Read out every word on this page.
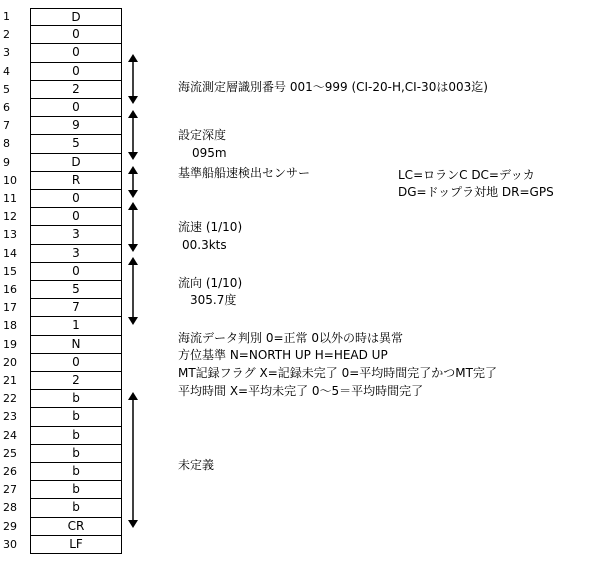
1	D
2	0
3	0
4	0
5	2
6	0
7	9
8	5
9	D
10	R
11	0
12	0
13	3
14	3
15	0
16	5
17	7
18	1
19	N
20	0
21	2
22	b
23	b
24	b
25	b
26	b
27	b
28	b
29	CR
30	LF
海流測定層識別番号 001～999 (CI-20-H,CI-30は003迄)
設定深度
095m
基準船船速検出センサー	LC=ロランC DC=デッカ
DG=ドップラ対地 DR=GPS
流速 (1/10)
00.3kts
流向 (1/10)
305.7度
海流データ判別 0=正常 0以外の時は異常
方位基準 N=NORTH UP H=HEAD UP
MT記録フラグ X=記録未完了 0=平均時間完了かつMT完了
平均時間 X=平均未完了 0～5＝平均時間完了
未定義
